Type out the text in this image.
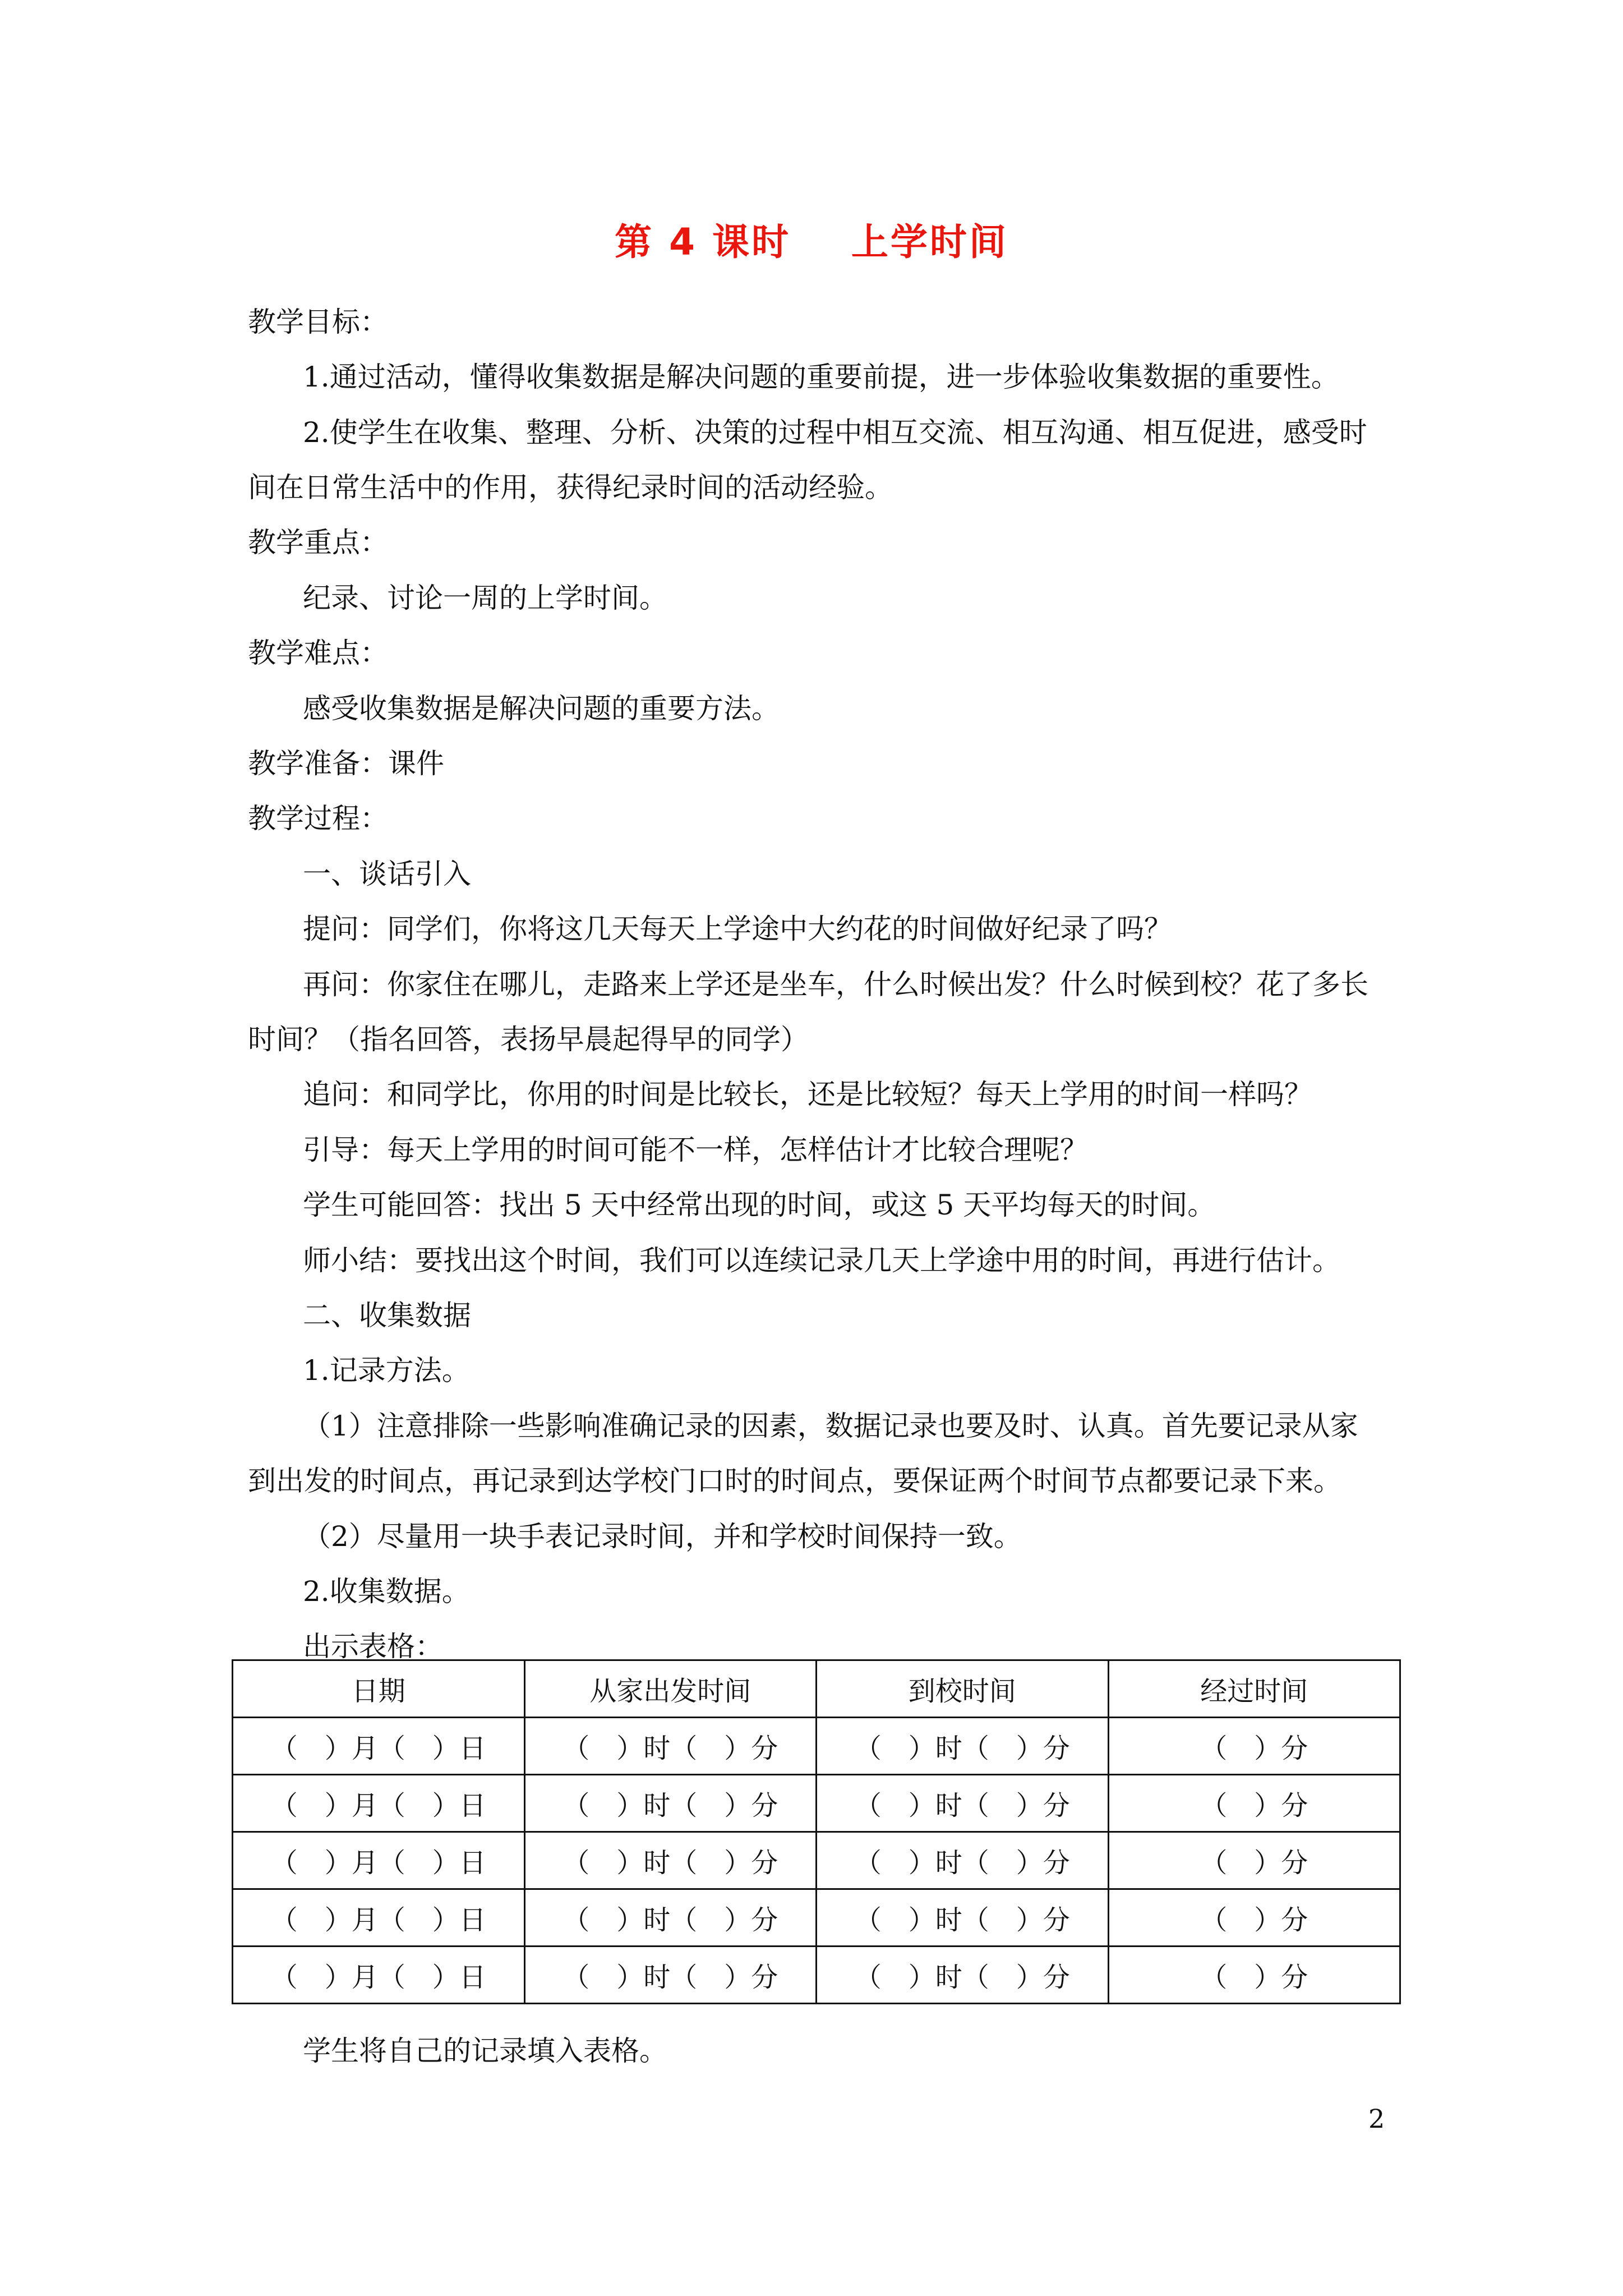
第 4 课时    上学时间
教学目标：
1.通过活动，懂得收集数据是解决问题的重要前提，进一步体验收集数据的重要性。
2.使学生在收集、整理、分析、决策的过程中相互交流、相互沟通、相互促进，感受时
间在日常生活中的作用，获得纪录时间的活动经验。
教学重点：
纪录、讨论一周的上学时间。
教学难点：
感受收集数据是解决问题的重要方法。
教学准备：课件
教学过程：
一、谈话引入
提问：同学们，你将这几天每天上学途中大约花的时间做好纪录了吗？
再问：你家住在哪儿，走路来上学还是坐车，什么时候出发？什么时候到校？花了多长
时间？（指名回答，表扬早晨起得早的同学）
追问：和同学比，你用的时间是比较长，还是比较短？每天上学用的时间一样吗？
引导：每天上学用的时间可能不一样，怎样估计才比较合理呢？
学生可能回答：找出 5 天中经常出现的时间，或这 5 天平均每天的时间。
师小结：要找出这个时间，我们可以连续记录几天上学途中用的时间，再进行估计。
二、收集数据
1.记录方法。
（1）注意排除一些影响准确记录的因素，数据记录也要及时、认真。首先要记录从家
到出发的时间点，再记录到达学校门口时的时间点，要保证两个时间节点都要记录下来。
（2）尽量用一块手表记录时间，并和学校时间保持一致。
2.收集数据。
出示表格：
日期	从家出发时间	到校时间	经过时间
（　）月（　）日	（　）时（　）分	（　）时（　）分	（　）分
（　）月（　）日	（　）时（　）分	（　）时（　）分	（　）分
（　）月（　）日	（　）时（　）分	（　）时（　）分	（　）分
（　）月（　）日	（　）时（　）分	（　）时（　）分	（　）分
（　）月（　）日	（　）时（　）分	（　）时（　）分	（　）分
学生将自己的记录填入表格。
2
